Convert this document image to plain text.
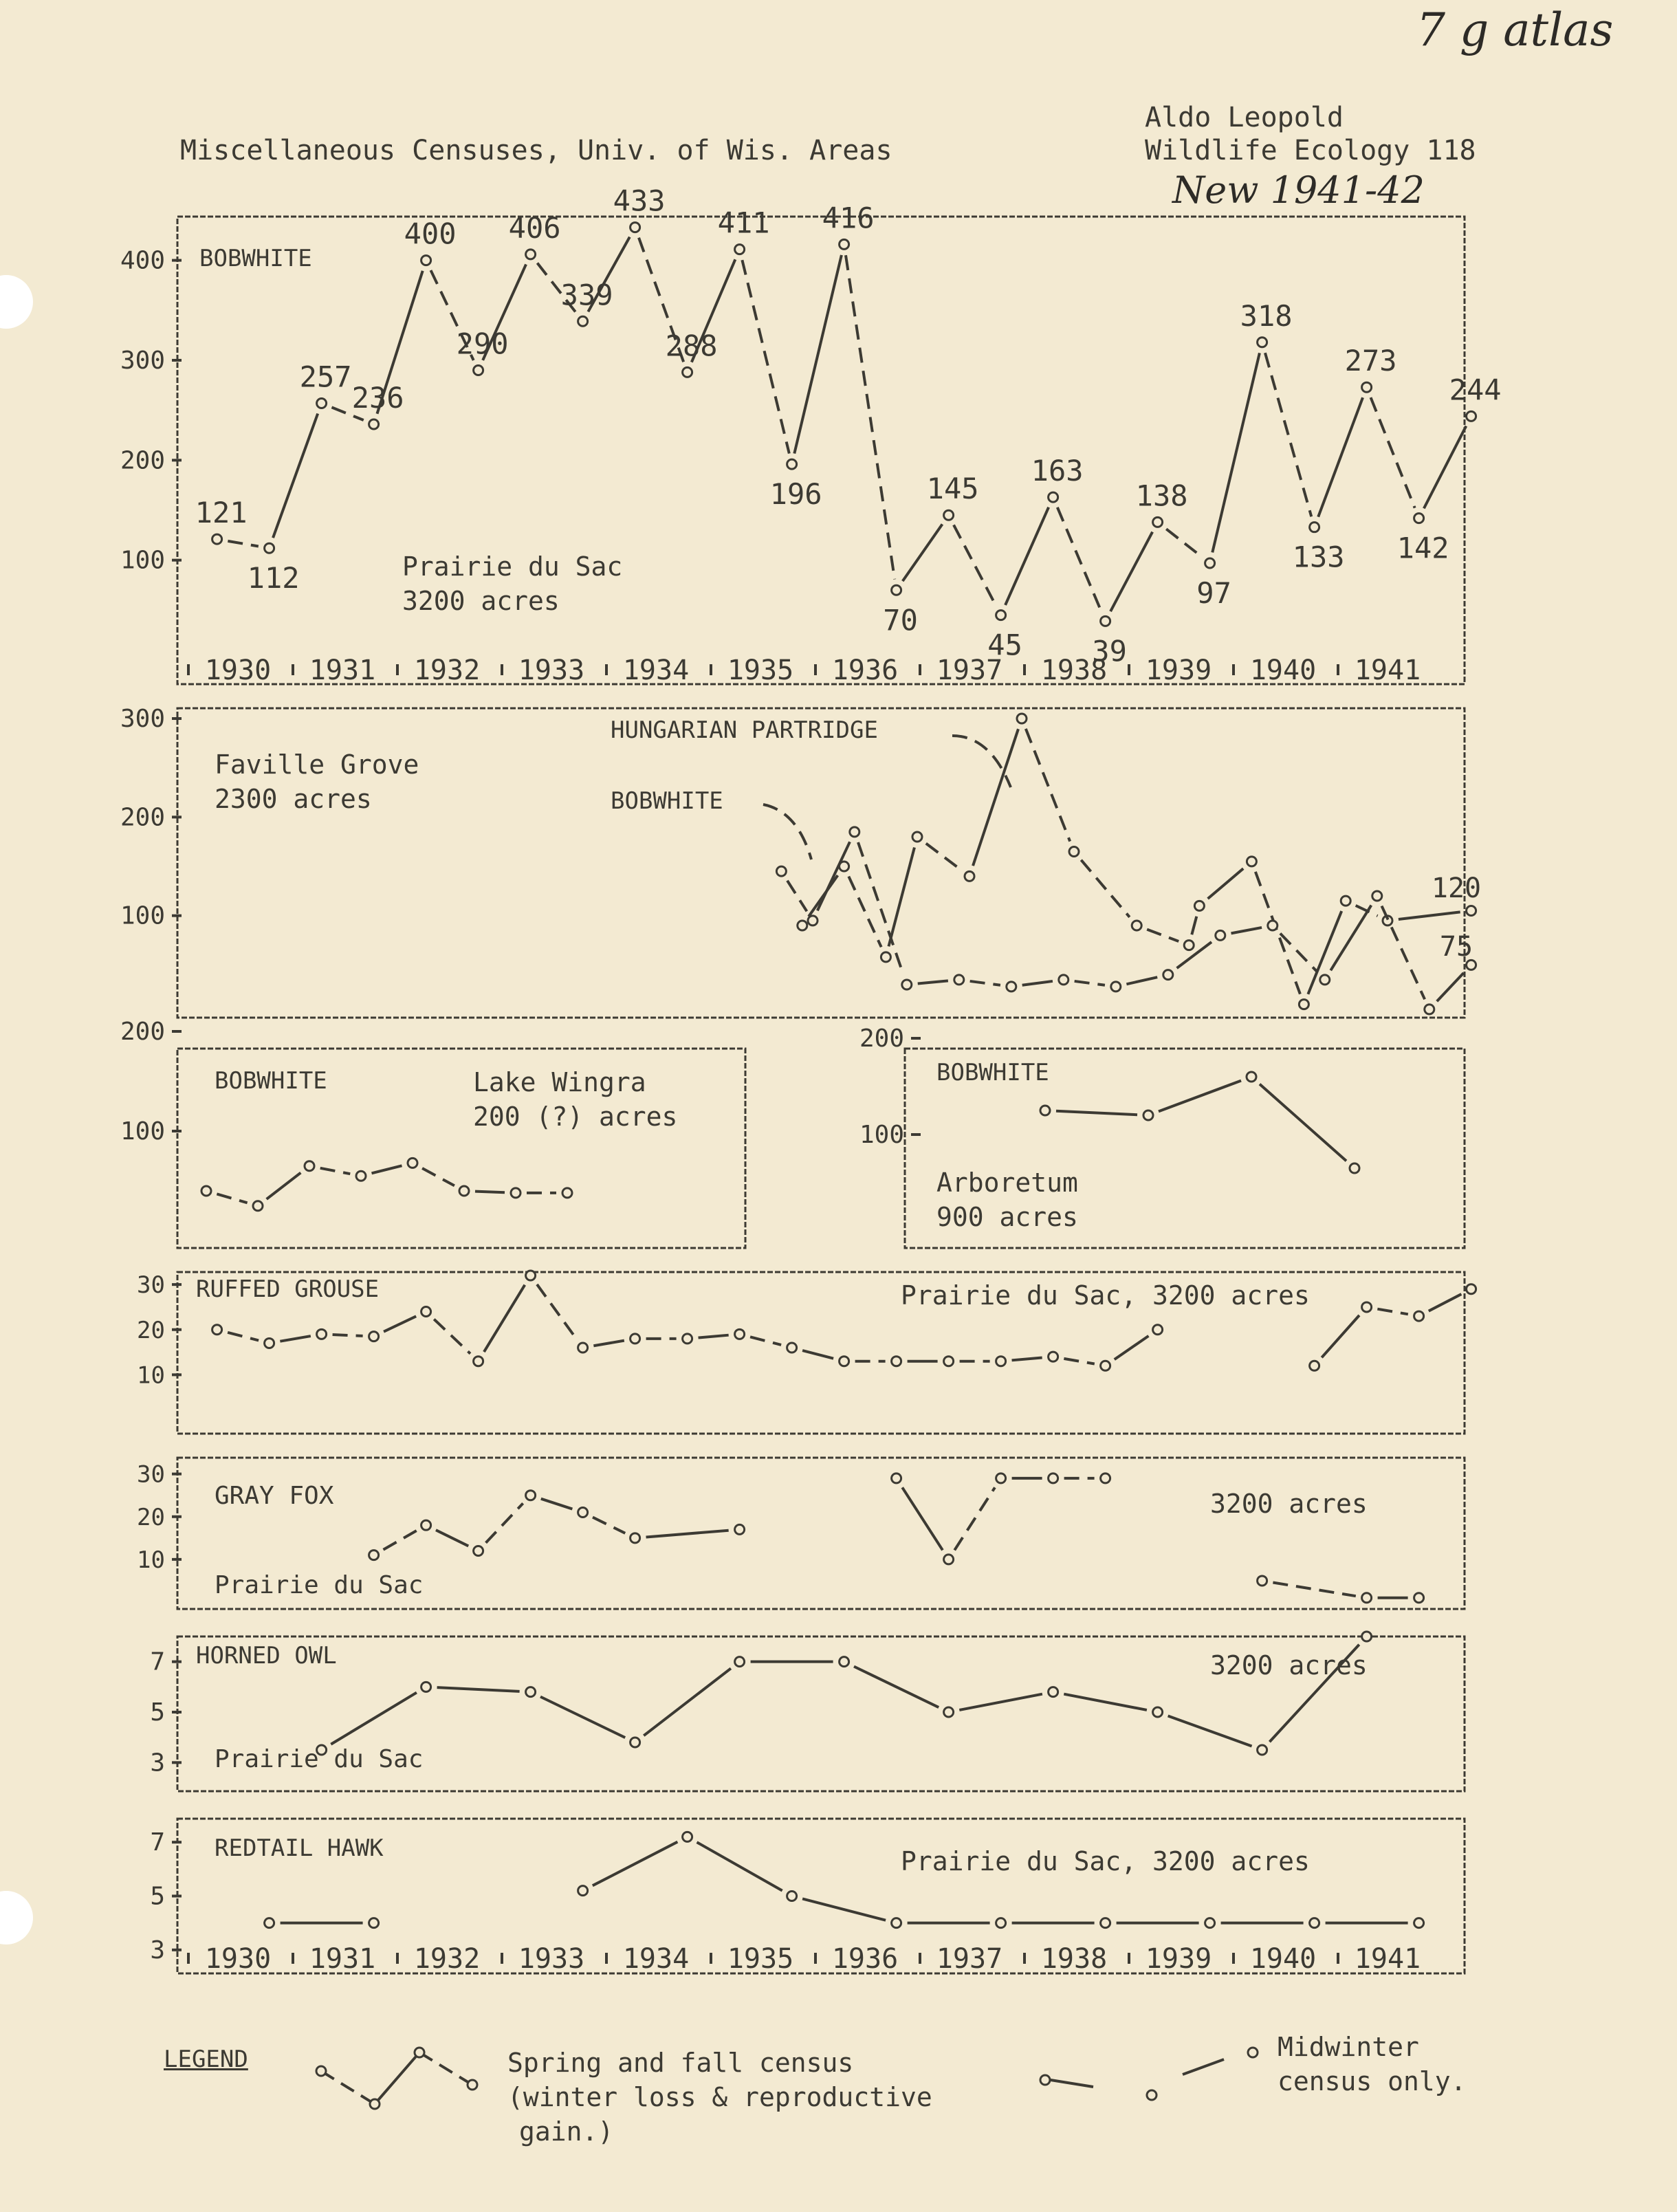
7 g atlas
Miscellaneous Censuses, Univ. of Wis. Areas
Aldo Leopold
Wildlife Ecology 118
New 1941-42
100
200
300
400
1930 1931 1932 1933 1934 1935 1936 1937 1938 1939 1940 1941
121
112
257
236
400
290
406
339
433
288
411
196
416
70
145
45
163
39
138
97
318
133
273
142
244
100
200
300
120
75
100
200
100
200
10
20
30
10
20
30
3
5
7
3
5
7
1930 1931 1932 1933 1934 1935 1936 1937 1938 1939 1940 1941
BOBWHITE
Prairie du Sac
3200 acres
Faville Grove
2300 acres
HUNGARIAN PARTRIDGE
BOBWHITE
BOBWHITE	Lake Wingra
200 (?) acres
BOBWHITE
Arboretum
900 acres
RUFFED GROUSE	Prairie du Sac, 3200 acres
GRAY FOX
Prairie du Sac
3200 acres
HORNED OWL
Prairie du Sac
3200 acres
REDTAIL HAWK	Prairie du Sac, 3200 acres
LEGEND	Spring and fall census
(winter loss & reproductive
gain.)
Midwinter
census only.
